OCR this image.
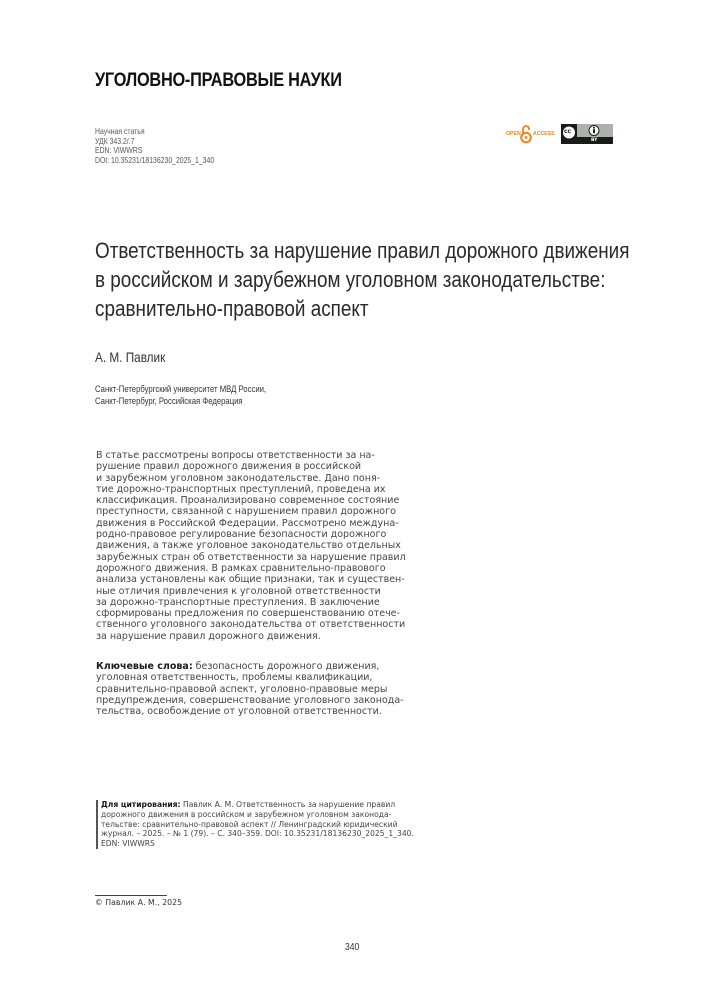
УГОЛОВНО-ПРАВОВЫЕ НАУКИ
Научная статья
УДК 343.2/.7
EDN: VIWWRS
DOI: 10.35231/18136230_2025_1_340
OPEN ACCESS cc
BY
Ответственность за нарушение правил дорожного движения
в российском и зарубежном уголовном законодательстве:
сравнительно-правовой аспект
А. М. Павлик
Санкт-Петербургский университет МВД России,
Санкт-Петербург, Российская Федерация
В статье рассмотрены вопросы ответственности за на-
рушение правил дорожного движения в российской
и зарубежном уголовном законодательстве. Дано поня-
тие дорожно-транспортных преступлений, проведена их
классификация. Проанализировано современное состояние
преступности, связанной с нарушением правил дорожного
движения в Российской Федерации. Рассмотрено междуна-
родно-правовое регулирование безопасности дорожного
движения, а также уголовное законодательство отдельных
зарубежных стран об ответственности за нарушение правил
дорожного движения. В рамках сравнительно-правового
анализа установлены как общие признаки, так и существен-
ные отличия привлечения к уголовной ответственности
за дорожно-транспортные преступления. В заключение
сформированы предложения по совершенствованию отече-
ственного уголовного законодательства от ответственности
за нарушение правил дорожного движения.
Ключевые слова: безопасность дорожного движения,
уголовная ответственность, проблемы квалификации,
сравнительно-правовой аспект, уголовно-правовые меры
предупреждения, совершенствование уголовного законода-
тельства, освобождение от уголовной ответственности.
Для цитирования: Павлик А. М. Ответственность за нарушение правил
дорожного движения в российском и зарубежном уголовном законода-
тельстве: сравнительно-правовой аспект // Ленинградский юридический
журнал. – 2025. – № 1 (79). – С. 340–359. DOI: 10.35231/18136230_2025_1_340.
EDN: VIWWRS
© Павлик А. М., 2025
340
